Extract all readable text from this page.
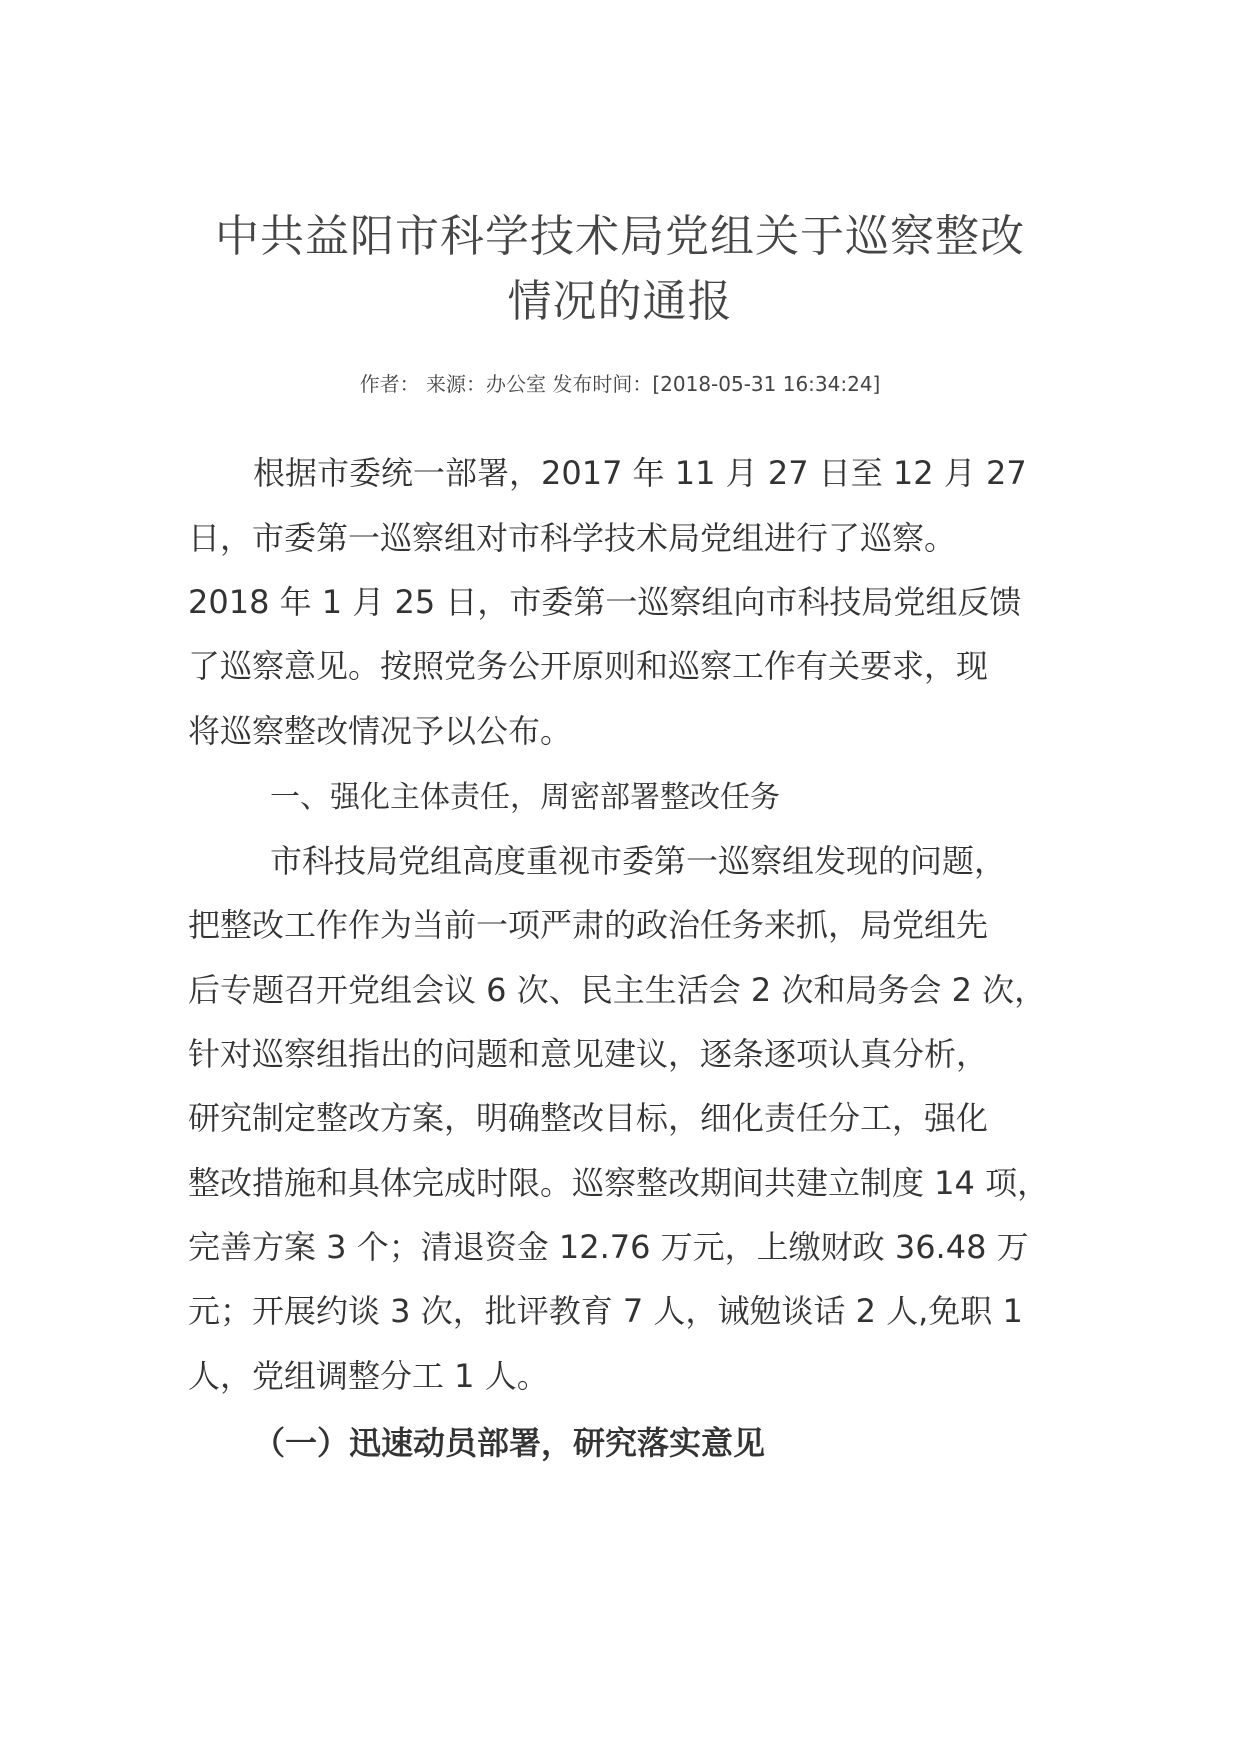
中共益阳市科学技术局党组关于巡察整改
情况的通报
作者： 来源：办公室 发布时间：[2018-05-31 16:34:24]
根据市委统一部署，2017 年 11 月 27 日至 12 月 27
日，市委第一巡察组对市科学技术局党组进行了巡察。
2018 年 1 月 25 日，市委第一巡察组向市科技局党组反馈
了巡察意见。按照党务公开原则和巡察工作有关要求，现
将巡察整改情况予以公布。
一、强化主体责任，周密部署整改任务
市科技局党组高度重视市委第一巡察组发现的问题，
把整改工作作为当前一项严肃的政治任务来抓，局党组先
后专题召开党组会议 6 次、民主生活会 2 次和局务会 2 次，
针对巡察组指出的问题和意见建议，逐条逐项认真分析，
研究制定整改方案，明确整改目标，细化责任分工，强化
整改措施和具体完成时限。巡察整改期间共建立制度 14 项，
完善方案 3 个；清退资金 12.76 万元，上缴财政 36.48 万
元；开展约谈 3 次，批评教育 7 人，诫勉谈话 2 人,免职 1
人，党组调整分工 1 人。
（一）迅速动员部署，研究落实意见
